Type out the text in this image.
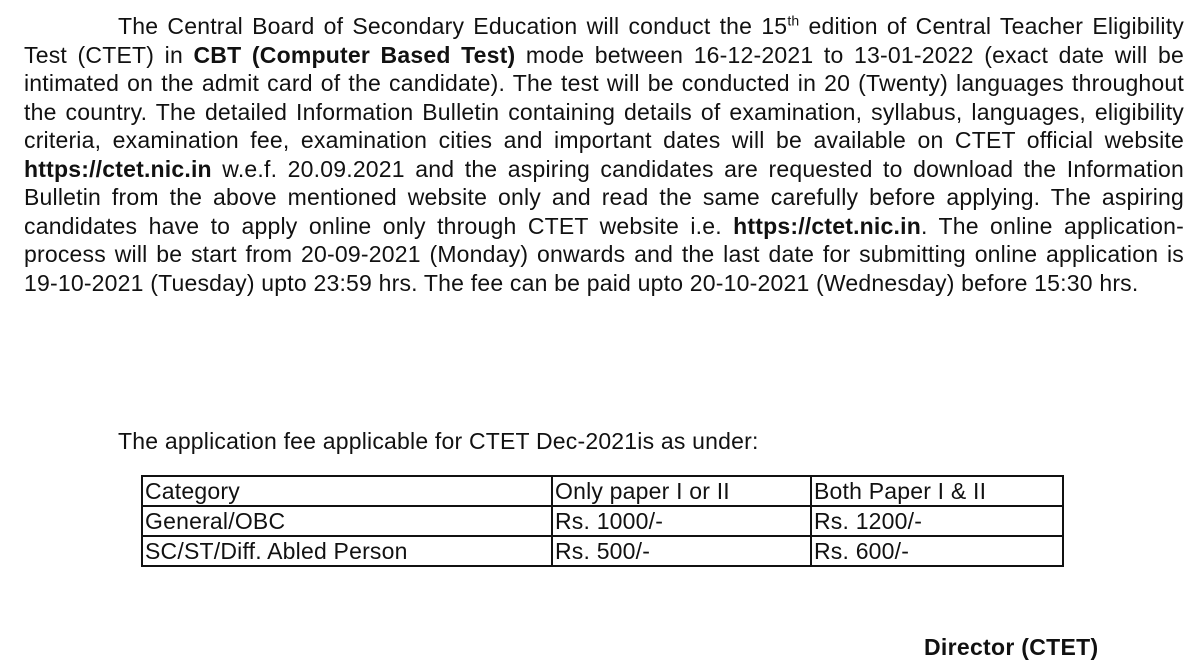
The Central Board of Secondary Education will conduct the 15th edition of Central Teacher Eligibility Test (CTET) in CBT (Computer Based Test) mode between 16-12-2021 to 13-01-2022 (exact date will be intimated on the admit card of the candidate). The test will be conducted in 20 (Twenty) languages throughout the country. The detailed Information Bulletin containing details of examination, syllabus, languages, eligibility criteria, examination fee, examination cities and important dates will be available on CTET official website https://ctet.nic.in w.e.f. 20.09.2021 and the aspiring candidates are requested to download the Information Bulletin from the above mentioned website only and read the same carefully before applying. The aspiring candidates have to apply online only through CTET website i.e. https://ctet.nic.in. The online application-process will be start from 20-09-2021 (Monday) onwards and the last date for submitting online application is 19-10-2021 (Tuesday) upto 23:59 hrs. The fee can be paid upto 20-10-2021 (Wednesday) before 15:30 hrs.

The application fee applicable for CTET Dec-2021is as under:

Category	Only paper I or II	Both Paper I & II
General/OBC	Rs. 1000/-	Rs. 1200/-
SC/ST/Diff. Abled Person	Rs. 500/-	Rs. 600/-

Director (CTET)
